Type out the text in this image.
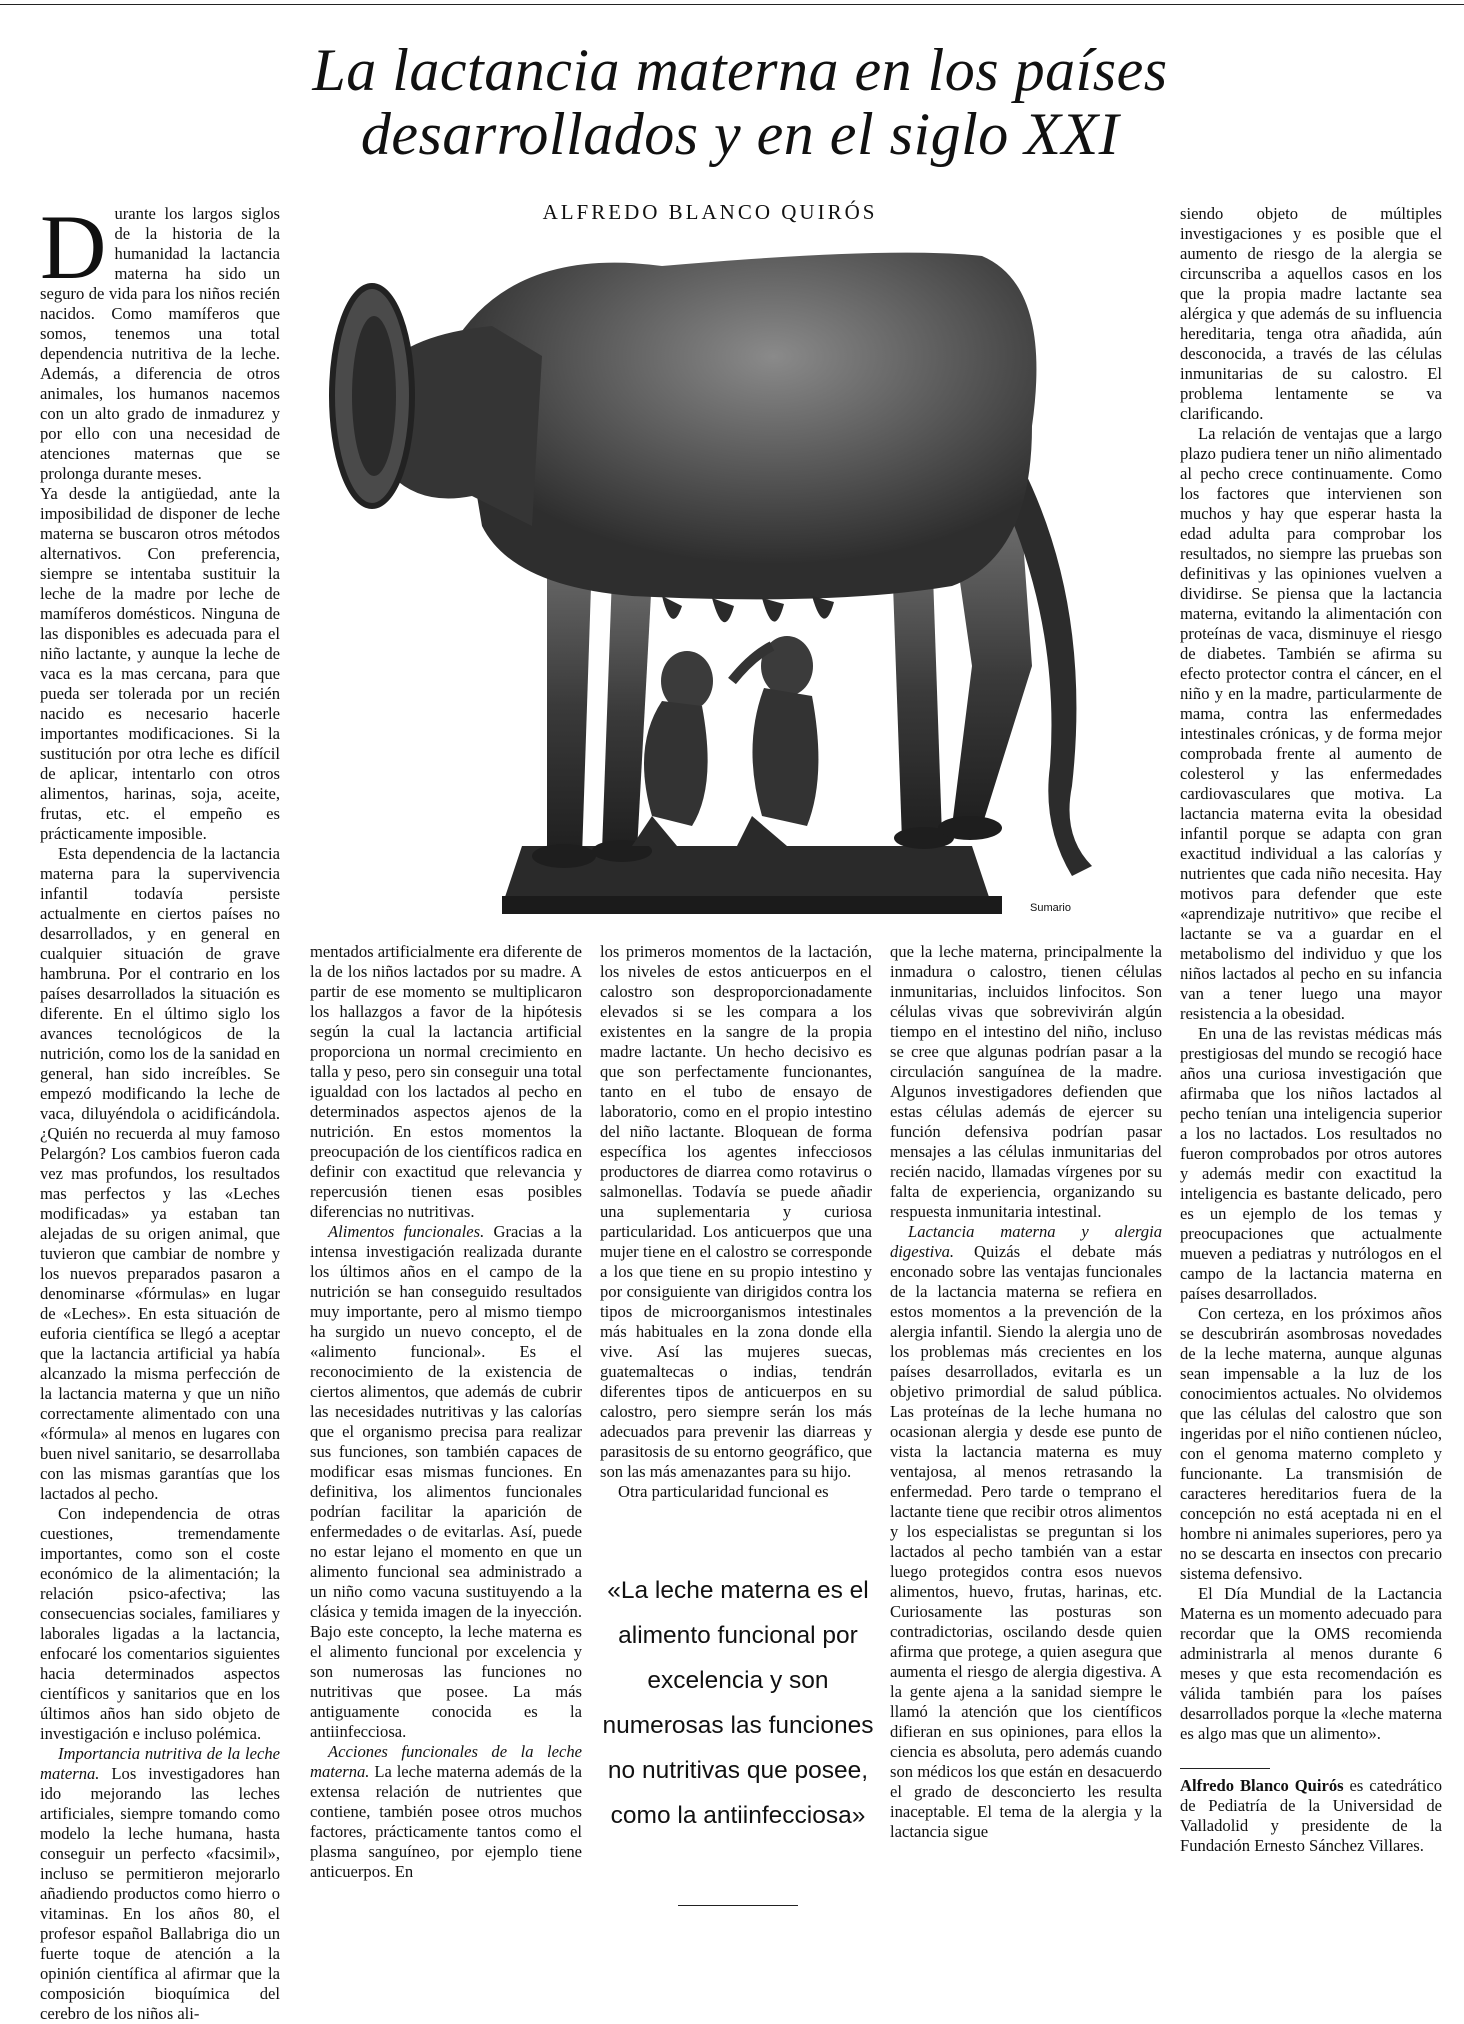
La lactancia materna en los países desarrollados y en el siglo XXI
ALFREDO BLANCO QUIRÓS

Durante los largos siglos de la historia de la humanidad la lactancia materna ha sido un seguro de vida para los niños recién nacidos. Como mamíferos que somos, tenemos una total dependencia nutritiva de la leche. Además, a diferencia de otros animales, los humanos nacemos con un alto grado de inmadurez y por ello con una necesidad de atenciones maternas que se prolonga durante meses.

Ya desde la antigüedad, ante la imposibilidad de disponer de leche materna se buscaron otros métodos alternativos. Con preferencia, siempre se intentaba sustituir la leche de la madre por leche de mamíferos domésticos. Ninguna de las disponibles es adecuada para el niño lactante, y aunque la leche de vaca es la mas cercana, para que pueda ser tolerada por un recién nacido es necesario hacerle importantes modificaciones. Si la sustitución por otra leche es difícil de aplicar, intentarlo con otros alimentos, harinas, soja, aceite, frutas, etc. el empeño es prácticamente imposible.

Esta dependencia de la lactancia materna para la supervivencia infantil todavía persiste actualmente en ciertos países no desarrollados, y en general en cualquier situación de grave hambruna. Por el contrario en los países desarrollados la situación es diferente. En el último siglo los avances tecnológicos de la nutrición, como los de la sanidad en general, han sido increíbles. Se empezó modificando la leche de vaca, diluyéndola o acidificándola. ¿Quién no recuerda al muy famoso Pelargón? Los cambios fueron cada vez mas profundos, los resultados mas perfectos y las «Leches modificadas» ya estaban tan alejadas de su origen animal, que tuvieron que cambiar de nombre y los nuevos preparados pasaron a denominarse «fórmulas» en lugar de «Leches». En esta situación de euforia científica se llegó a aceptar que la lactancia artificial ya había alcanzado la misma perfección de la lactancia materna y que un niño correctamente alimentado con una «fórmula» al menos en lugares con buen nivel sanitario, se desarrollaba con las mismas garantías que los lactados al pecho.

Con independencia de otras cuestiones, tremendamente importantes, como son el coste económico de la alimentación; la relación psico-afectiva; las consecuencias sociales, familiares y laborales ligadas a la lactancia, enfocaré los comentarios siguientes hacia determinados aspectos científicos y sanitarios que en los últimos años han sido objeto de investigación e incluso polémica.

Importancia nutritiva de la leche materna. Los investigadores han ido mejorando las leches artificiales, siempre tomando como modelo la leche humana, hasta conseguir un perfecto «facsimil», incluso se permitieron mejorarlo añadiendo productos como hierro o vitaminas. En los años 80, el profesor español Ballabriga dio un fuerte toque de atención a la opinión científica al afirmar que la composición bioquímica del cerebro de los niños ali-

Sumario

mentados artificialmente era diferente de la de los niños lactados por su madre. A partir de ese momento se multiplicaron los hallazgos a favor de la hipótesis según la cual la lactancia artificial proporciona un normal crecimiento en talla y peso, pero sin conseguir una total igualdad con los lactados al pecho en determinados aspectos ajenos de la nutrición. En estos momentos la preocupación de los científicos radica en definir con exactitud que relevancia y repercusión tienen esas posibles diferencias no nutritivas.

Alimentos funcionales. Gracias a la intensa investigación realizada durante los últimos años en el campo de la nutrición se han conseguido resultados muy importante, pero al mismo tiempo ha surgido un nuevo concepto, el de «alimento funcional». Es el reconocimiento de la existencia de ciertos alimentos, que además de cubrir las necesidades nutritivas y las calorías que el organismo precisa para realizar sus funciones, son también capaces de modificar esas mismas funciones. En definitiva, los alimentos funcionales podrían facilitar la aparición de enfermedades o de evitarlas. Así, puede no estar lejano el momento en que un alimento funcional sea administrado a un niño como vacuna sustituyendo a la clásica y temida imagen de la inyección. Bajo este concepto, la leche materna es el alimento funcional por excelencia y son numerosas las funciones no nutritivas que posee. La más antiguamente conocida es la antiinfecciosa.

Acciones funcionales de la leche materna. La leche materna además de la extensa relación de nutrientes que contiene, también posee otros muchos factores, prácticamente tantos como el plasma sanguíneo, por ejemplo tiene anticuerpos. En

los primeros momentos de la lactación, los niveles de estos anticuerpos en el calostro son desproporcionadamente elevados si se les compara a los existentes en la sangre de la propia madre lactante. Un hecho decisivo es que son perfectamente funcionantes, tanto en el tubo de ensayo de laboratorio, como en el propio intestino del niño lactante. Bloquean de forma específica los agentes infecciosos productores de diarrea como rotavirus o salmonellas. Todavía se puede añadir una suplementaria y curiosa particularidad. Los anticuerpos que una mujer tiene en el calostro se corresponde a los que tiene en su propio intestino y por consiguiente van dirigidos contra los tipos de microorganismos intestinales más habituales en la zona donde ella vive. Así las mujeres suecas, guatemaltecas o indias, tendrán diferentes tipos de anticuerpos en su calostro, pero siempre serán los más adecuados para prevenir las diarreas y parasitosis de su entorno geográfico, que son las más amenazantes para su hijo.

Otra particularidad funcional es

«La leche materna es el alimento funcional por excelencia y son numerosas las funciones no nutritivas que posee, como la antiinfecciosa»

que la leche materna, principalmente la inmadura o calostro, tienen células inmunitarias, incluidos linfocitos. Son células vivas que sobrevivirán algún tiempo en el intestino del niño, incluso se cree que algunas podrían pasar a la circulación sanguínea de la madre. Algunos investigadores defienden que estas células además de ejercer su función defensiva podrían pasar mensajes a las células inmunitarias del recién nacido, llamadas vírgenes por su falta de experiencia, organizando su respuesta inmunitaria intestinal.

Lactancia materna y alergia digestiva. Quizás el debate más enconado sobre las ventajas funcionales de la lactancia materna se refiera en estos momentos a la prevención de la alergia infantil. Siendo la alergia uno de los problemas más crecientes en los países desarrollados, evitarla es un objetivo primordial de salud pública. Las proteínas de la leche humana no ocasionan alergia y desde ese punto de vista la lactancia materna es muy ventajosa, al menos retrasando la enfermedad. Pero tarde o temprano el lactante tiene que recibir otros alimentos y los especialistas se preguntan si los lactados al pecho también van a estar luego protegidos contra esos nuevos alimentos, huevo, frutas, harinas, etc. Curiosamente las posturas son contradictorias, oscilando desde quien afirma que protege, a quien asegura que aumenta el riesgo de alergia digestiva. A la gente ajena a la sanidad siempre le llamó la atención que los científicos difieran en sus opiniones, para ellos la ciencia es absoluta, pero además cuando son médicos los que están en desacuerdo el grado de desconcierto les resulta inaceptable. El tema de la alergia y la lactancia sigue

siendo objeto de múltiples investigaciones y es posible que el aumento de riesgo de la alergia se circunscriba a aquellos casos en los que la propia madre lactante sea alérgica y que además de su influencia hereditaria, tenga otra añadida, aún desconocida, a través de las células inmunitarias de su calostro. El problema lentamente se va clarificando.

La relación de ventajas que a largo plazo pudiera tener un niño alimentado al pecho crece continuamente. Como los factores que intervienen son muchos y hay que esperar hasta la edad adulta para comprobar los resultados, no siempre las pruebas son definitivas y las opiniones vuelven a dividirse. Se piensa que la lactancia materna, evitando la alimentación con proteínas de vaca, disminuye el riesgo de diabetes. También se afirma su efecto protector contra el cáncer, en el niño y en la madre, particularmente de mama, contra las enfermedades intestinales crónicas, y de forma mejor comprobada frente al aumento de colesterol y las enfermedades cardiovasculares que motiva. La lactancia materna evita la obesidad infantil porque se adapta con gran exactitud individual a las calorías y nutrientes que cada niño necesita. Hay motivos para defender que este «aprendizaje nutritivo» que recibe el lactante se va a guardar en el metabolismo del individuo y que los niños lactados al pecho en su infancia van a tener luego una mayor resistencia a la obesidad.

En una de las revistas médicas más prestigiosas del mundo se recogió hace años una curiosa investigación que afirmaba que los niños lactados al pecho tenían una inteligencia superior a los no lactados. Los resultados no fueron comprobados por otros autores y además medir con exactitud la inteligencia es bastante delicado, pero es un ejemplo de los temas y preocupaciones que actualmente mueven a pediatras y nutrólogos en el campo de la lactancia materna en países desarrollados.

Con certeza, en los próximos años se descubrirán asombrosas novedades de la leche materna, aunque algunas sean impensable a la luz de los conocimientos actuales. No olvidemos que las células del calostro que son ingeridas por el niño contienen núcleo, con el genoma materno completo y funcionante. La transmisión de caracteres hereditarios fuera de la concepción no está aceptada ni en el hombre ni animales superiores, pero ya no se descarta en insectos con precario sistema defensivo.

El Día Mundial de la Lactancia Materna es un momento adecuado para recordar que la OMS recomienda administrarla al menos durante 6 meses y que esta recomendación es válida también para los países desarrollados porque la «leche materna es algo mas que un alimento».

Alfredo Blanco Quirós es catedrático de Pediatría de la Universidad de Valladolid y presidente de la Fundación Ernesto Sánchez Villares.
